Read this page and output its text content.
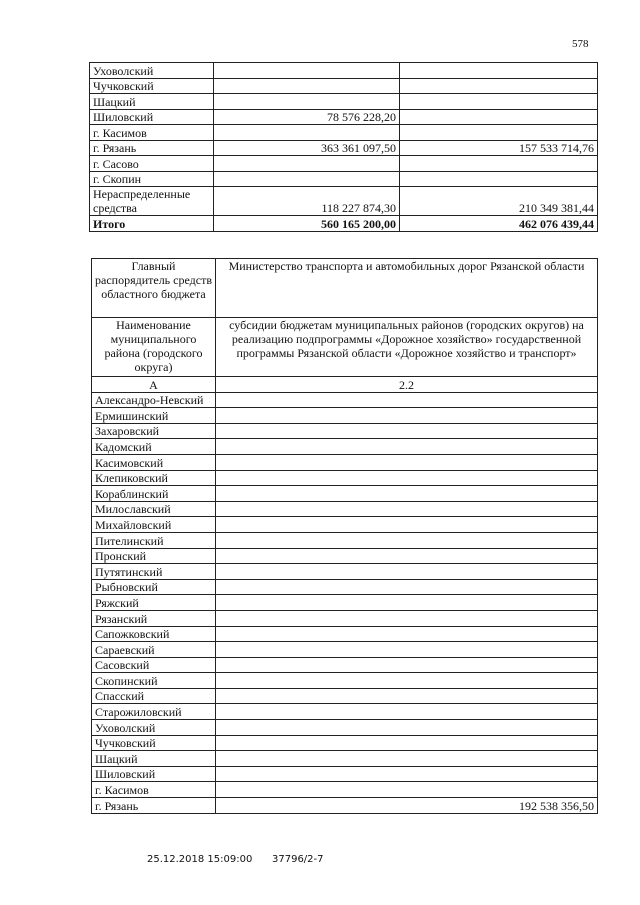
578
Уховолский		
Чучковский		
Шацкий		
Шиловский	78 576 228,20	
г. Касимов		
г. Рязань	363 361 097,50	157 533 714,76
г. Сасово		
г. Скопин		
Нераспределенные средства	118 227 874,30	210 349 381,44
Итого	560 165 200,00	462 076 439,44
Главный распорядитель средств областного бюджета	Министерство транспорта и автомобильных дорог Рязанской области
Наименование муниципального района (городского округа)	субсидии бюджетам муниципальных районов (городских округов) на реализацию подпрограммы «Дорожное хозяйство» государственной программы Рязанской области «Дорожное хозяйство и транспорт»
А	2.2
Александро-Невский	
Ермишинский	
Захаровский	
Кадомский	
Касимовский	
Клепиковский	
Кораблинский	
Милославский	
Михайловский	
Пителинский	
Пронский	
Путятинский	
Рыбновский	
Ряжский	
Рязанский	
Сапожковский	
Сараевский	
Сасовский	
Скопинский	
Спасский	
Старожиловский	
Уховолский	
Чучковский	
Шацкий	
Шиловский	
г. Касимов	
г. Рязань	192 538 356,50
25.12.2018 15:09:00 37796/2-7
